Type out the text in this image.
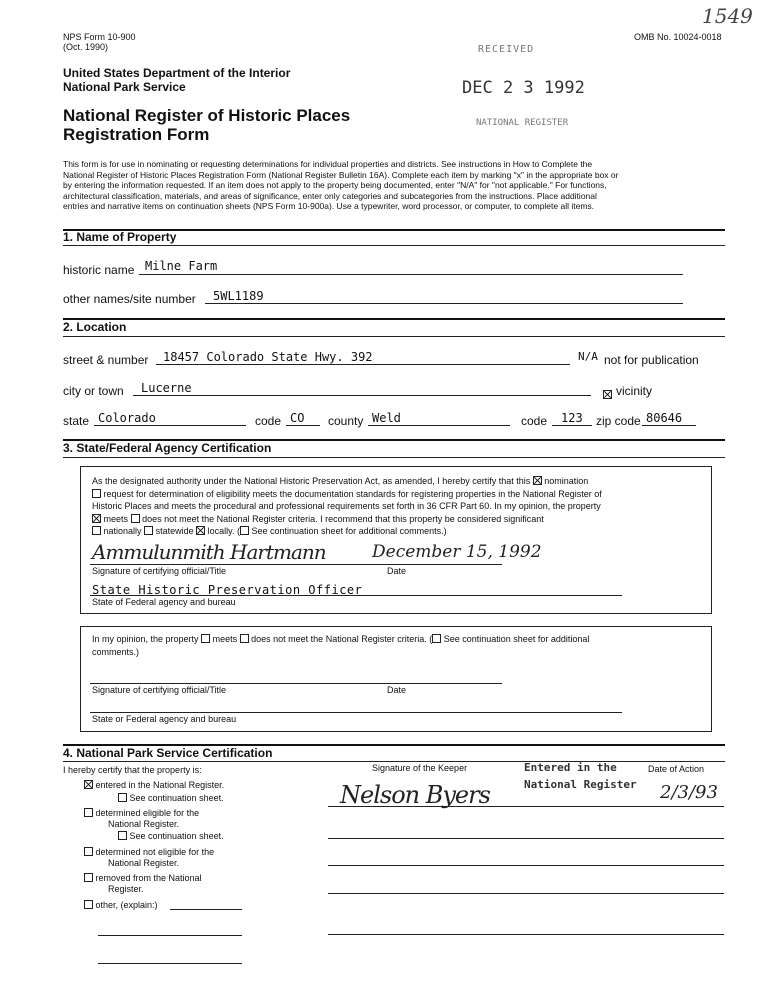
NPS Form 10-900
(Oct. 1990)
OMB No. 10024-0018
1549
United States Department of the Interior
National Park Service
National Register of Historic Places
Registration Form
RECEIVED
DEC 2 3 1992
NATIONAL REGISTER
This form is for use in nominating or requesting determinations for individual properties and districts. See instructions in How to Complete the
National Register of Historic Places Registration Form (National Register Bulletin 16A). Complete each item by marking "x" in the appropriate box or
by entering the information requested. If an item does not apply to the property being documented, enter "N/A" for "not applicable." For functions,
architectural classification, materials, and areas of significance, enter only categories and subcategories from the instructions. Place additional
entries and narrative items on continuation sheets (NPS Form 10-900a). Use a typewriter, word processor, or computer, to complete all items.
1. Name of Property
historic name Milne Farm
other names/site number 5WL1189
2. Location
street & number 18457 Colorado State Hwy. 392	N/A not for publication
city or town Lucerne	vicinity
state Colorado	code CO county Weld	code 123 zip code 80646
3. State/Federal Agency Certification
As the designated authority under the National Historic Preservation Act, as amended, I hereby certify that this nomination
request for determination of eligibility meets the documentation standards for registering properties in the National Register of
Historic Places and meets the procedural and professional requirements set forth in 36 CFR Part 60. In my opinion, the property
meets does not meet the National Register criteria. I recommend that this property be considered significant
nationally statewide locally. ( See continuation sheet for additional comments.)
Ammulunmith Hartmann	December 15, 1992
Signature of certifying official/Title	Date
State Historic Preservation Officer
State of Federal agency and bureau
In my opinion, the property meets does not meet the National Register criteria. ( See continuation sheet for additional
comments.)
Signature of certifying official/Title	Date
State or Federal agency and bureau
4. National Park Service Certification
I hereby certify that the property is:	Signature of the Keeper	Date of Action
Entered in the
National Register
Nelson Byers	2/3/93
entered in the National Register.
See continuation sheet.
determined eligible for the
National Register.
See continuation sheet.
determined not eligible for the
National Register.
removed from the National
Register.
other, (explain:)
